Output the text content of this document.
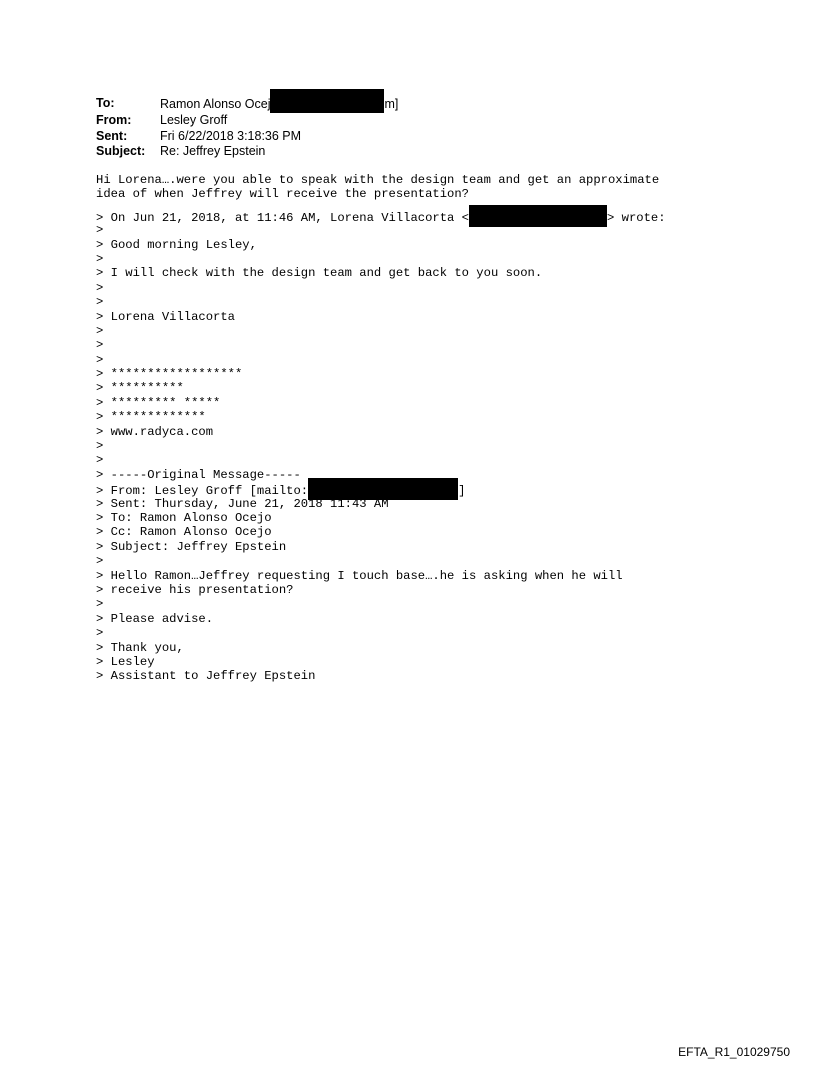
To:	Ramon Alonso Ocej	m]
From:	Lesley Groff
Sent:	Fri 6/22/2018 3:18:36 PM
Subject:	Re: Jeffrey Epstein
Hi Lorena….were you able to speak with the design team and get an approximate
idea of when Jeffrey will receive the presentation?
> On Jun 21, 2018, at 11:46 AM, Lorena Villacorta <	> wrote:
>
> Good morning Lesley,
>
> I will check with the design team and get back to you soon.
>
>
> Lorena Villacorta
>
>
>
> ******************
> **********
> ********* *****
> *************
> www.radyca.com
>
>
> -----Original Message-----
> From: Lesley Groff [mailto:	]
> Sent: Thursday, June 21, 2018 11:43 AM
> To: Ramon Alonso Ocejo
> Cc: Ramon Alonso Ocejo
> Subject: Jeffrey Epstein
>
> Hello Ramon…Jeffrey requesting I touch base….he is asking when he will
> receive his presentation?
>
> Please advise.
>
> Thank you,
> Lesley
> Assistant to Jeffrey Epstein
EFTA_R1_01029750
